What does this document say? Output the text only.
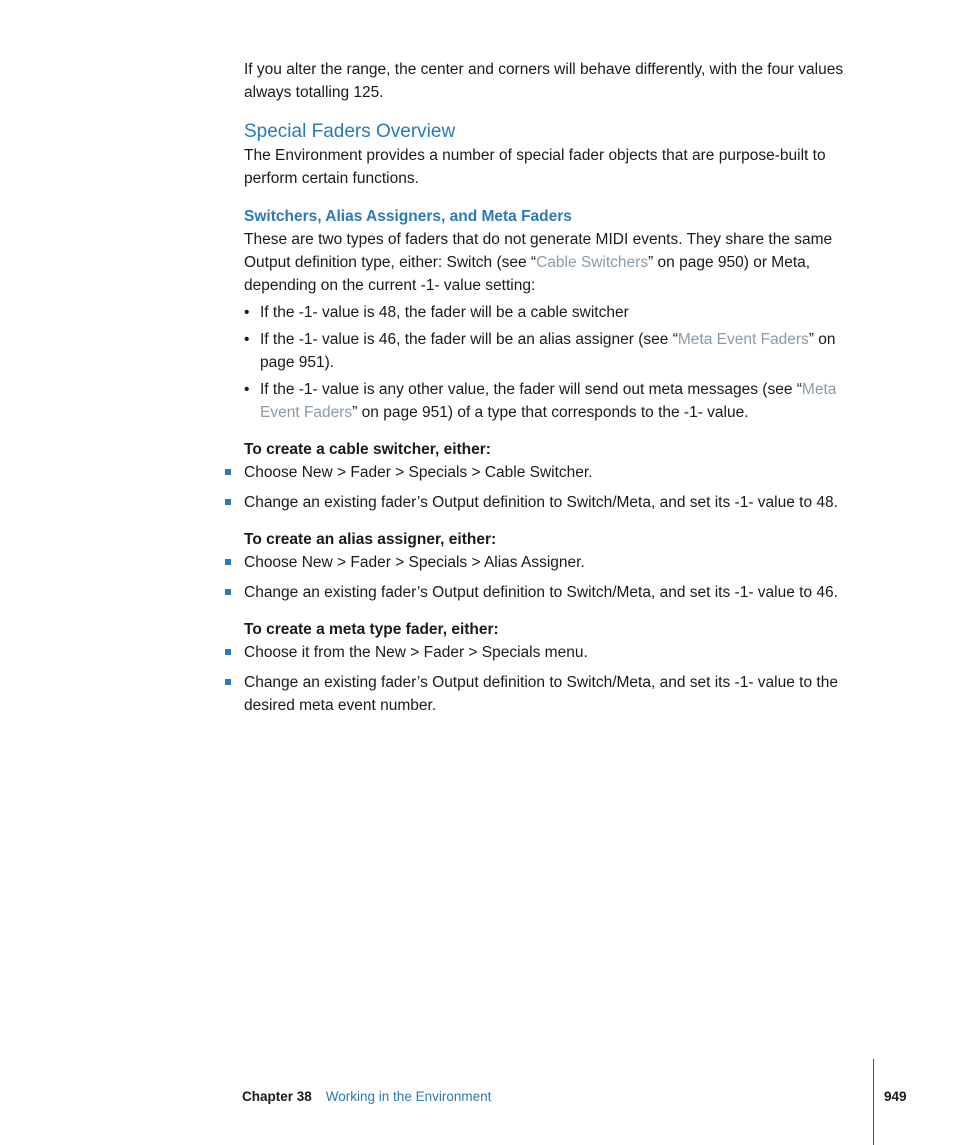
If you alter the range, the center and corners will behave differently, with the four values always totalling 125.

Special Faders Overview

The Environment provides a number of special fader objects that are purpose-built to perform certain functions.

Switchers, Alias Assigners, and Meta Faders

These are two types of faders that do not generate MIDI events. They share the same Output definition type, either: Switch (see “Cable Switchers” on page 950) or Meta, depending on the current -1- value setting:

• If the -1- value is 48, the fader will be a cable switcher
• If the -1- value is 46, the fader will be an alias assigner (see “Meta Event Faders” on page 951).
• If the -1- value is any other value, the fader will send out meta messages (see “Meta Event Faders” on page 951) of a type that corresponds to the -1- value.

To create a cable switcher, either:

Choose New > Fader > Specials > Cable Switcher.
Change an existing fader’s Output definition to Switch/Meta, and set its -1- value to 48.

To create an alias assigner, either:

Choose New > Fader > Specials > Alias Assigner.
Change an existing fader’s Output definition to Switch/Meta, and set its -1- value to 46.

To create a meta type fader, either:

Choose it from the New > Fader > Specials menu.
Change an existing fader’s Output definition to Switch/Meta, and set its -1- value to the desired meta event number.
Chapter 38 Working in the Environment	949
